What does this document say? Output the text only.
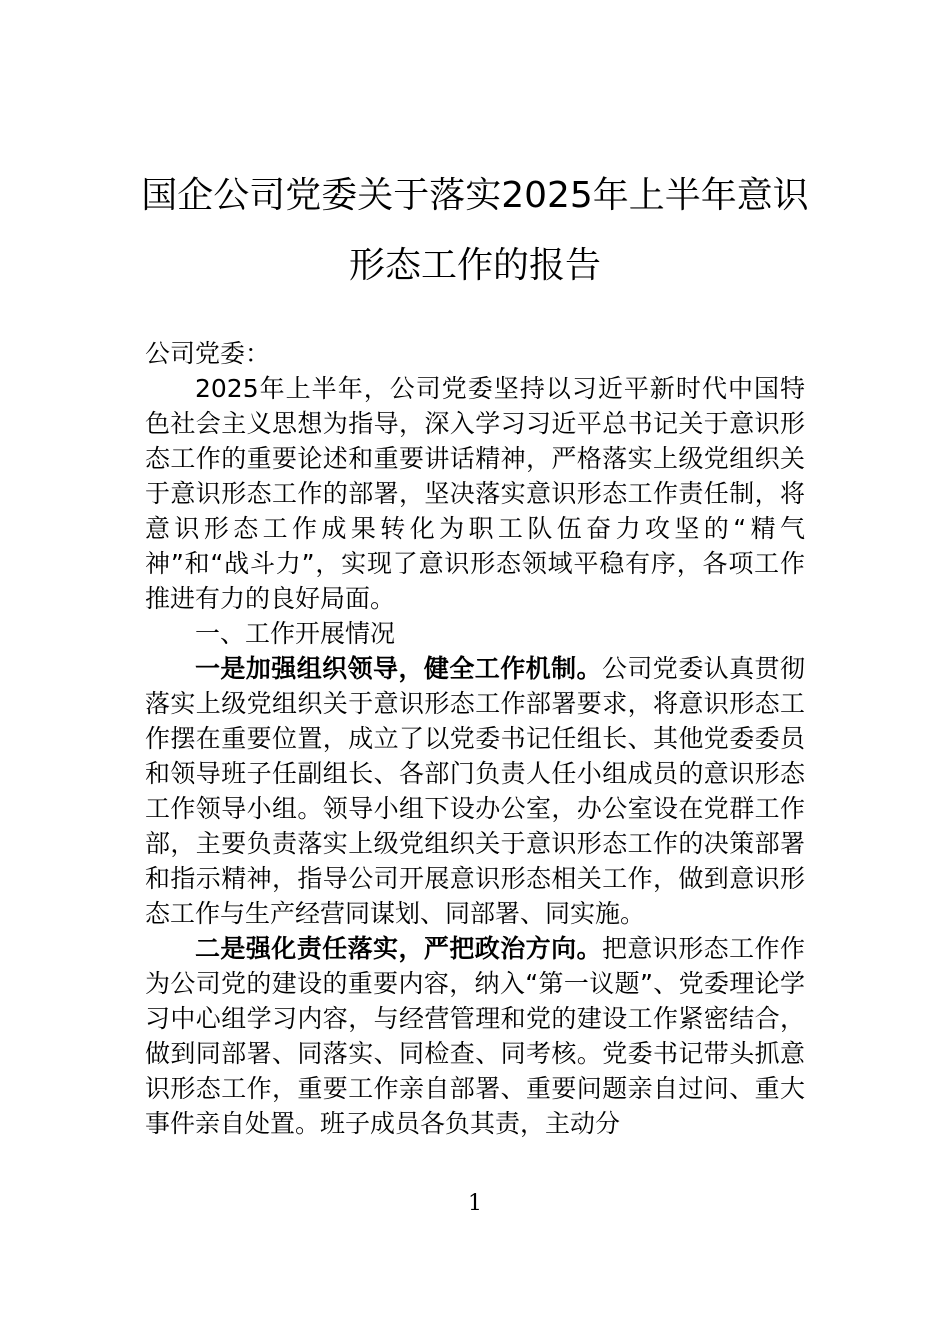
国企公司党委关于落实2025年上半年意识
形态工作的报告

公司党委：

2025年上半年，公司党委坚持以习近平新时代中国特色社会主义思想为指导，深入学习习近平总书记关于意识形态工作的重要论述和重要讲话精神，严格落实上级党组织关于意识形态工作的部署，坚决落实意识形态工作责任制，将意识形态工作成果转化为职工队伍奋力攻坚的“精气神”和“战斗力”，实现了意识形态领域平稳有序，各项工作推进有力的良好局面。

一、工作开展情况

一是加强组织领导，健全工作机制。公司党委认真贯彻落实上级党组织关于意识形态工作部署要求，将意识形态工作摆在重要位置，成立了以党委书记任组长、其他党委委员和领导班子任副组长、各部门负责人任小组成员的意识形态工作领导小组。领导小组下设办公室，办公室设在党群工作部，主要负责落实上级党组织关于意识形态工作的决策部署和指示精神，指导公司开展意识形态相关工作，做到意识形态工作与生产经营同谋划、同部署、同实施。

二是强化责任落实，严把政治方向。把意识形态工作作为公司党的建设的重要内容，纳入“第一议题”、党委理论学习中心组学习内容，与经营管理和党的建设工作紧密结合，做到同部署、同落实、同检查、同考核。党委书记带头抓意识形态工作，重要工作亲自部署、重要问题亲自过问、重大事件亲自处置。班子成员各负其责，主动分

1
